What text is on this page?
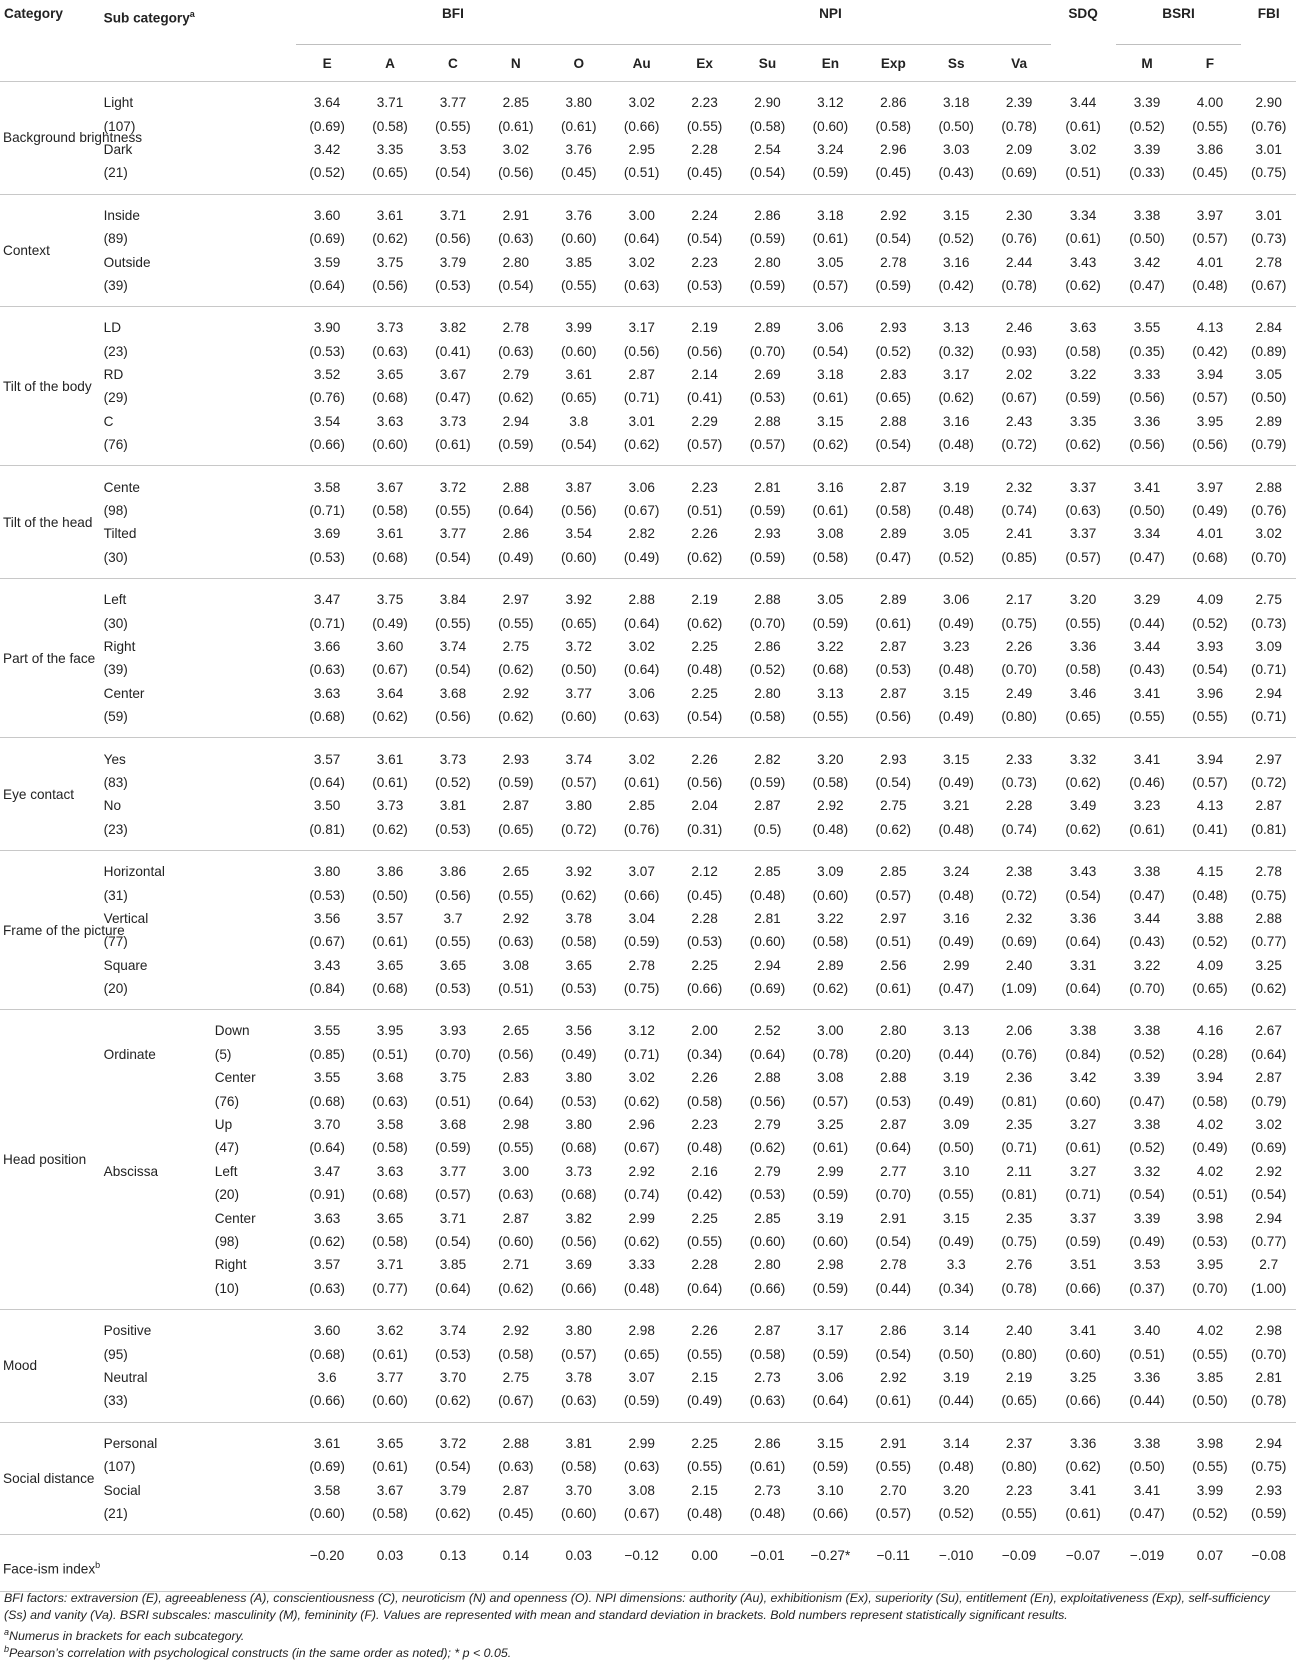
Category	Sub category$^a$		BFI					NPI							SDQ	BSRI		FBI
			E	A	C	N	O	Au	Ex	Su	En	Exp	Ss	Va		M	F	

Background brightness	Light		3.64	3.71	3.77	2.85	3.80	3.02	2.23	2.90	3.12	2.86	3.18	2.39	3.44	3.39	4.00	2.90
	(107)		(0.69)	(0.58)	(0.55)	(0.61)	(0.61)	(0.66)	(0.55)	(0.58)	(0.60)	(0.58)	(0.50)	(0.78)	(0.61)	(0.52)	(0.55)	(0.76)
	Dark		3.42	3.35	3.53	3.02	3.76	2.95	2.28	2.54	3.24	2.96	3.03	2.09	3.02	3.39	3.86	3.01
	(21)		(0.52)	(0.65)	(0.54)	(0.56)	(0.45)	(0.51)	(0.45)	(0.54)	(0.59)	(0.45)	(0.43)	(0.69)	(0.51)	(0.33)	(0.45)	(0.75)

Context	Inside		3.60	3.61	3.71	2.91	3.76	3.00	2.24	2.86	3.18	2.92	3.15	2.30	3.34	3.38	3.97	3.01
	(89)		(0.69)	(0.62)	(0.56)	(0.63)	(0.60)	(0.64)	(0.54)	(0.59)	(0.61)	(0.54)	(0.52)	(0.76)	(0.61)	(0.50)	(0.57)	(0.73)
	Outside		3.59	3.75	3.79	2.80	3.85	3.02	2.23	2.80	3.05	2.78	3.16	2.44	3.43	3.42	4.01	2.78
	(39)		(0.64)	(0.56)	(0.53)	(0.54)	(0.55)	(0.63)	(0.53)	(0.59)	(0.57)	(0.59)	(0.42)	(0.78)	(0.62)	(0.47)	(0.48)	(0.67)

Tilt of the body	LD		3.90	3.73	3.82	2.78	3.99	3.17	2.19	2.89	3.06	2.93	3.13	2.46	3.63	3.55	4.13	2.84
	(23)		(0.53)	(0.63)	(0.41)	(0.63)	(0.60)	(0.56)	(0.56)	(0.70)	(0.54)	(0.52)	(0.32)	(0.93)	(0.58)	(0.35)	(0.42)	(0.89)
	RD		3.52	3.65	3.67	2.79	3.61	2.87	2.14	2.69	3.18	2.83	3.17	2.02	3.22	3.33	3.94	3.05
	(29)		(0.76)	(0.68)	(0.47)	(0.62)	(0.65)	(0.71)	(0.41)	(0.53)	(0.61)	(0.65)	(0.62)	(0.67)	(0.59)	(0.56)	(0.57)	(0.50)
	C		3.54	3.63	3.73	2.94	3.8	3.01	2.29	2.88	3.15	2.88	3.16	2.43	3.35	3.36	3.95	2.89
	(76)		(0.66)	(0.60)	(0.61)	(0.59)	(0.54)	(0.62)	(0.57)	(0.57)	(0.62)	(0.54)	(0.48)	(0.72)	(0.62)	(0.56)	(0.56)	(0.79)

Tilt of the head	Cente		3.58	3.67	3.72	2.88	3.87	3.06	2.23	2.81	3.16	2.87	3.19	2.32	3.37	3.41	3.97	2.88
	(98)		(0.71)	(0.58)	(0.55)	(0.64)	(0.56)	(0.67)	(0.51)	(0.59)	(0.61)	(0.58)	(0.48)	(0.74)	(0.63)	(0.50)	(0.49)	(0.76)
	Tilted		3.69	3.61	3.77	2.86	3.54	2.82	2.26	2.93	3.08	2.89	3.05	2.41	3.37	3.34	4.01	3.02
	(30)		(0.53)	(0.68)	(0.54)	(0.49)	(0.60)	(0.49)	(0.62)	(0.59)	(0.58)	(0.47)	(0.52)	(0.85)	(0.57)	(0.47)	(0.68)	(0.70)

Part of the face	Left		3.47	3.75	3.84	2.97	3.92	2.88	2.19	2.88	3.05	2.89	3.06	2.17	3.20	3.29	4.09	2.75
	(30)		(0.71)	(0.49)	(0.55)	(0.55)	(0.65)	(0.64)	(0.62)	(0.70)	(0.59)	(0.61)	(0.49)	(0.75)	(0.55)	(0.44)	(0.52)	(0.73)
	Right		3.66	3.60	3.74	2.75	3.72	3.02	2.25	2.86	3.22	2.87	3.23	2.26	3.36	3.44	3.93	3.09
	(39)		(0.63)	(0.67)	(0.54)	(0.62)	(0.50)	(0.64)	(0.48)	(0.52)	(0.68)	(0.53)	(0.48)	(0.70)	(0.58)	(0.43)	(0.54)	(0.71)
	Center		3.63	3.64	3.68	2.92	3.77	3.06	2.25	2.80	3.13	2.87	3.15	2.49	3.46	3.41	3.96	2.94
	(59)		(0.68)	(0.62)	(0.56)	(0.62)	(0.60)	(0.63)	(0.54)	(0.58)	(0.55)	(0.56)	(0.49)	(0.80)	(0.65)	(0.55)	(0.55)	(0.71)

Eye contact	Yes		3.57	3.61	3.73	2.93	3.74	3.02	2.26	2.82	3.20	2.93	3.15	2.33	3.32	3.41	3.94	2.97
	(83)		(0.64)	(0.61)	(0.52)	(0.59)	(0.57)	(0.61)	(0.56)	(0.59)	(0.58)	(0.54)	(0.49)	(0.73)	(0.62)	(0.46)	(0.57)	(0.72)
	No		3.50	3.73	3.81	2.87	3.80	2.85	2.04	2.87	2.92	2.75	3.21	2.28	3.49	3.23	4.13	2.87
	(23)		(0.81)	(0.62)	(0.53)	(0.65)	(0.72)	(0.76)	(0.31)	(0.5)	(0.48)	(0.62)	(0.48)	(0.74)	(0.62)	(0.61)	(0.41)	(0.81)

Frame of the picture	Horizontal		3.80	3.86	3.86	2.65	3.92	3.07	2.12	2.85	3.09	2.85	3.24	2.38	3.43	3.38	4.15	2.78
	(31)		(0.53)	(0.50)	(0.56)	(0.55)	(0.62)	(0.66)	(0.45)	(0.48)	(0.60)	(0.57)	(0.48)	(0.72)	(0.54)	(0.47)	(0.48)	(0.75)
	Vertical		3.56	3.57	3.7	2.92	3.78	3.04	2.28	2.81	3.22	2.97	3.16	2.32	3.36	3.44	3.88	2.88
	(77)		(0.67)	(0.61)	(0.55)	(0.63)	(0.58)	(0.59)	(0.53)	(0.60)	(0.58)	(0.51)	(0.49)	(0.69)	(0.64)	(0.43)	(0.52)	(0.77)
	Square		3.43	3.65	3.65	3.08	3.65	2.78	2.25	2.94	2.89	2.56	2.99	2.40	3.31	3.22	4.09	3.25
	(20)		(0.84)	(0.68)	(0.53)	(0.51)	(0.53)	(0.75)	(0.66)	(0.69)	(0.62)	(0.61)	(0.47)	(1.09)	(0.64)	(0.70)	(0.65)	(0.62)

Head position		Down	3.55	3.95	3.93	2.65	3.56	3.12	2.00	2.52	3.00	2.80	3.13	2.06	3.38	3.38	4.16	2.67
	Ordinate	(5)	(0.85)	(0.51)	(0.70)	(0.56)	(0.49)	(0.71)	(0.34)	(0.64)	(0.78)	(0.20)	(0.44)	(0.76)	(0.84)	(0.52)	(0.28)	(0.64)
		Center	3.55	3.68	3.75	2.83	3.80	3.02	2.26	2.88	3.08	2.88	3.19	2.36	3.42	3.39	3.94	2.87
		(76)	(0.68)	(0.63)	(0.51)	(0.64)	(0.53)	(0.62)	(0.58)	(0.56)	(0.57)	(0.53)	(0.49)	(0.81)	(0.60)	(0.47)	(0.58)	(0.79)
		Up	3.70	3.58	3.68	2.98	3.80	2.96	2.23	2.79	3.25	2.87	3.09	2.35	3.27	3.38	4.02	3.02
		(47)	(0.64)	(0.58)	(0.59)	(0.55)	(0.68)	(0.67)	(0.48)	(0.62)	(0.61)	(0.64)	(0.50)	(0.71)	(0.61)	(0.52)	(0.49)	(0.69)
	Abscissa	Left	3.47	3.63	3.77	3.00	3.73	2.92	2.16	2.79	2.99	2.77	3.10	2.11	3.27	3.32	4.02	2.92
		(20)	(0.91)	(0.68)	(0.57)	(0.63)	(0.68)	(0.74)	(0.42)	(0.53)	(0.59)	(0.70)	(0.55)	(0.81)	(0.71)	(0.54)	(0.51)	(0.54)
		Center	3.63	3.65	3.71	2.87	3.82	2.99	2.25	2.85	3.19	2.91	3.15	2.35	3.37	3.39	3.98	2.94
		(98)	(0.62)	(0.58)	(0.54)	(0.60)	(0.56)	(0.62)	(0.55)	(0.60)	(0.60)	(0.54)	(0.49)	(0.75)	(0.59)	(0.49)	(0.53)	(0.77)
		Right	3.57	3.71	3.85	2.71	3.69	3.33	2.28	2.80	2.98	2.78	3.3	2.76	3.51	3.53	3.95	2.7
		(10)	(0.63)	(0.77)	(0.64)	(0.62)	(0.66)	(0.48)	(0.64)	(0.66)	(0.59)	(0.44)	(0.34)	(0.78)	(0.66)	(0.37)	(0.70)	(1.00)

Mood	Positive		3.60	3.62	3.74	2.92	3.80	2.98	2.26	2.87	3.17	2.86	3.14	2.40	3.41	3.40	4.02	2.98
	(95)		(0.68)	(0.61)	(0.53)	(0.58)	(0.57)	(0.65)	(0.55)	(0.58)	(0.59)	(0.54)	(0.50)	(0.80)	(0.60)	(0.51)	(0.55)	(0.70)
	Neutral		3.6	3.77	3.70	2.75	3.78	3.07	2.15	2.73	3.06	2.92	3.19	2.19	3.25	3.36	3.85	2.81
	(33)		(0.66)	(0.60)	(0.62)	(0.67)	(0.63)	(0.59)	(0.49)	(0.63)	(0.64)	(0.61)	(0.44)	(0.65)	(0.66)	(0.44)	(0.50)	(0.78)

Social distance	Personal		3.61	3.65	3.72	2.88	3.81	2.99	2.25	2.86	3.15	2.91	3.14	2.37	3.36	3.38	3.98	2.94
	(107)		(0.69)	(0.61)	(0.54)	(0.63)	(0.58)	(0.63)	(0.55)	(0.61)	(0.59)	(0.55)	(0.48)	(0.80)	(0.62)	(0.50)	(0.55)	(0.75)
	Social		3.58	3.67	3.79	2.87	3.70	3.08	2.15	2.73	3.10	2.70	3.20	2.23	3.41	3.41	3.99	2.93
	(21)		(0.60)	(0.58)	(0.62)	(0.45)	(0.60)	(0.67)	(0.48)	(0.48)	(0.66)	(0.57)	(0.52)	(0.55)	(0.61)	(0.47)	(0.52)	(0.59)

Face-ism index$^b$			−0.20	0.03	0.13	0.14	0.03	−0.12	0.00	−0.01	−0.27*	−0.11	−.010	−0.09	−0.07	−.019	0.07	−0.08

BFI factors: extraversion (E), agreeableness (A), conscientiousness (C), neuroticism (N) and openness (O). NPI dimensions: authority (Au), exhibitionism (Ex), superiority (Su), entitlement (En), exploitativeness (Exp), self-sufficiency (Ss) and vanity (Va). BSRI subscales: masculinity (M), femininity (F). Values are represented with mean and standard deviation in brackets. Bold numbers represent statistically significant results.
$^a$Numerus in brackets for each subcategory.
$^b$Pearson’s correlation with psychological constructs (in the same order as noted); * p < 0.05.
